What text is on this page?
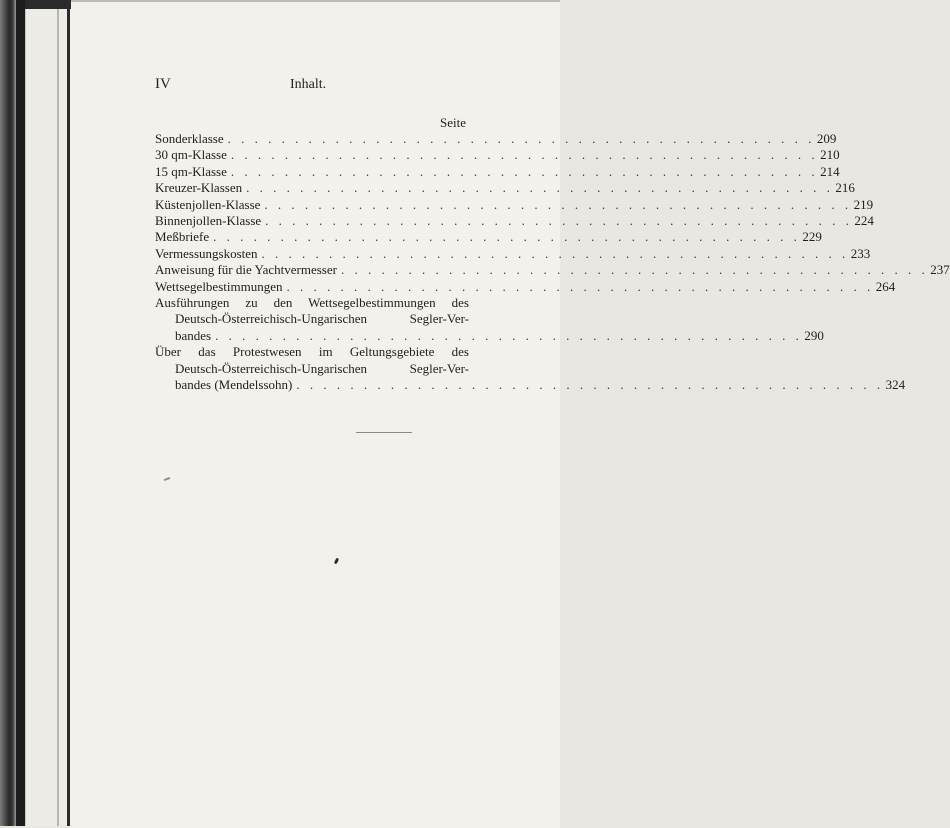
IV	Inhalt.
Seite
Sonderklasse . . . . . . . . . . . . . . . . . . . . . . . . . . . . . . . . . . . . . . . . . . . . 209
30 qm-Klasse . . . . . . . . . . . . . . . . . . . . . . . . . . . . . . . . . . . . . . . . . . . . 210
15 qm-Klasse . . . . . . . . . . . . . . . . . . . . . . . . . . . . . . . . . . . . . . . . . . . . 214
Kreuzer-Klassen . . . . . . . . . . . . . . . . . . . . . . . . . . . . . . . . . . . . . . . . . . . . 216
Küstenjollen-Klasse . . . . . . . . . . . . . . . . . . . . . . . . . . . . . . . . . . . . . . . . . . . . 219
Binnenjollen-Klasse . . . . . . . . . . . . . . . . . . . . . . . . . . . . . . . . . . . . . . . . . . . . 224
Meßbriefe . . . . . . . . . . . . . . . . . . . . . . . . . . . . . . . . . . . . . . . . . . . . 229
Vermessungskosten . . . . . . . . . . . . . . . . . . . . . . . . . . . . . . . . . . . . . . . . . . . . 233
Anweisung für die Yachtvermesser . . . . . . . . . . . . . . . . . . . . . . . . . . . . . . . . . . . . . . . . . . . . 237
Wettsegelbestimmungen . . . . . . . . . . . . . . . . . . . . . . . . . . . . . . . . . . . . . . . . . . . . 264
Ausführungen zu den Wettsegelbestimmungen des
Deutsch-Österreichisch-Ungarischen Segler-Ver-
bandes . . . . . . . . . . . . . . . . . . . . . . . . . . . . . . . . . . . . . . . . . . . . 290
Über das Protestwesen im Geltungsgebiete des
Deutsch-Österreichisch-Ungarischen Segler-Ver-
bandes (Mendelssohn) . . . . . . . . . . . . . . . . . . . . . . . . . . . . . . . . . . . . . . . . . . . . 324
